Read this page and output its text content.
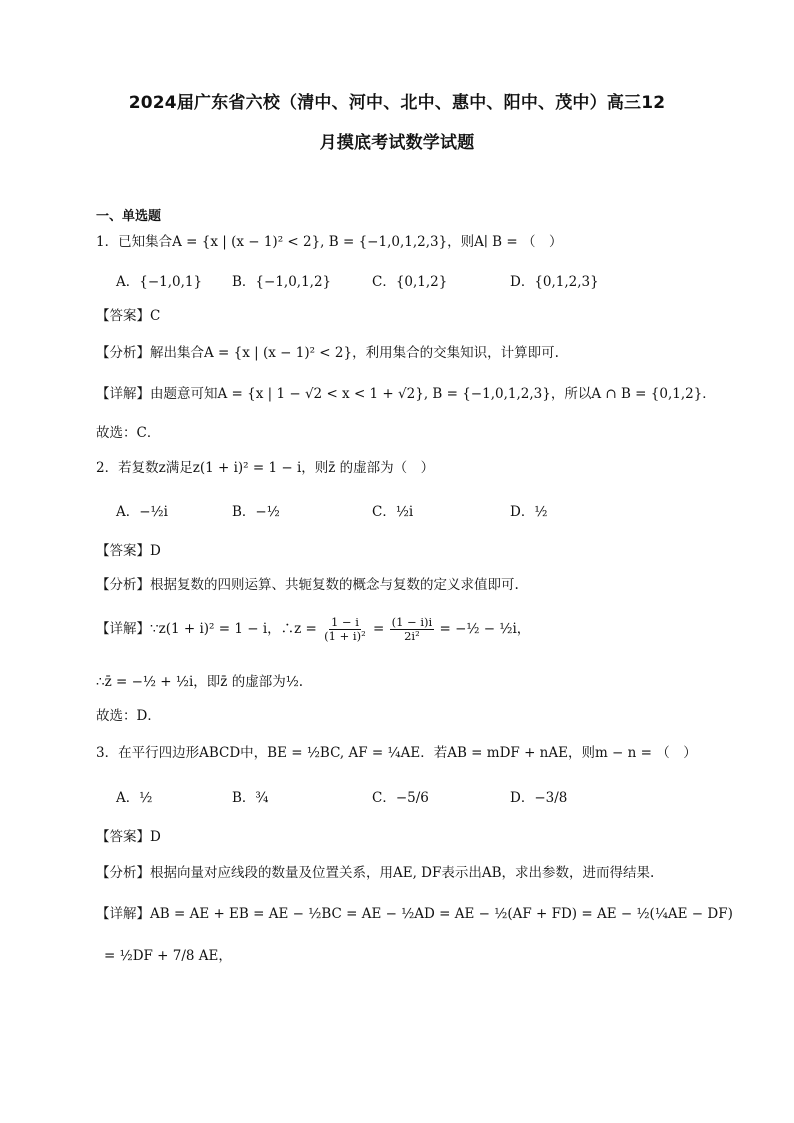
2024届广东省六校（清中、河中、北中、惠中、阳中、茂中）高三12
月摸底考试数学试题
一、单选题
1．已知集合A = {x | (x − 1)² < 2}, B = {−1,0,1,2,3}，则A∣ B = （　）
A．{−1,0,1} B．{−1,0,1,2}	C．{0,1,2}	D．{0,1,2,3}
【答案】C
【分析】解出集合A = {x | (x − 1)² < 2}，利用集合的交集知识，计算即可.
【详解】由题意可知A = {x | 1 − √2 < x < 1 + √2}, B = {−1,0,1,2,3}，所以A ∩ B = {0,1,2}．
故选：C．
2．若复数z满足z(1 + i)² = 1 − i，则z̄ 的虚部为（　）
A．−½i	B．−½	C．½i	D．½
【答案】D
【分析】根据复数的四则运算、共轭复数的概念与复数的定义求值即可.
【详解】∵z(1 + i)² = 1 − i，∴z = $\frac{1 - i}{\text{(1 + i)²}} = \frac{(1 - i)i}{\text{2i²}}$ = −½ − ½i，
∴z̄ = −½ + ½i，即z̄ 的虚部为½.
故选：D．
3．在平行四边形ABCD中，BE = ½BC, AF = ¼AE．若AB = mDF + nAE，则m − n = （　）
A．½	B．¾	C．−5/6	D．−3/8
【答案】D
【分析】根据向量对应线段的数量及位置关系，用AE, DF表示出AB，求出参数，进而得结果.
【详解】AB = AE + EB = AE − ½BC = AE − ½AD = AE − ½(AF + FD) = AE − ½(¼AE − DF)
= ½DF + 7/8 AE，
